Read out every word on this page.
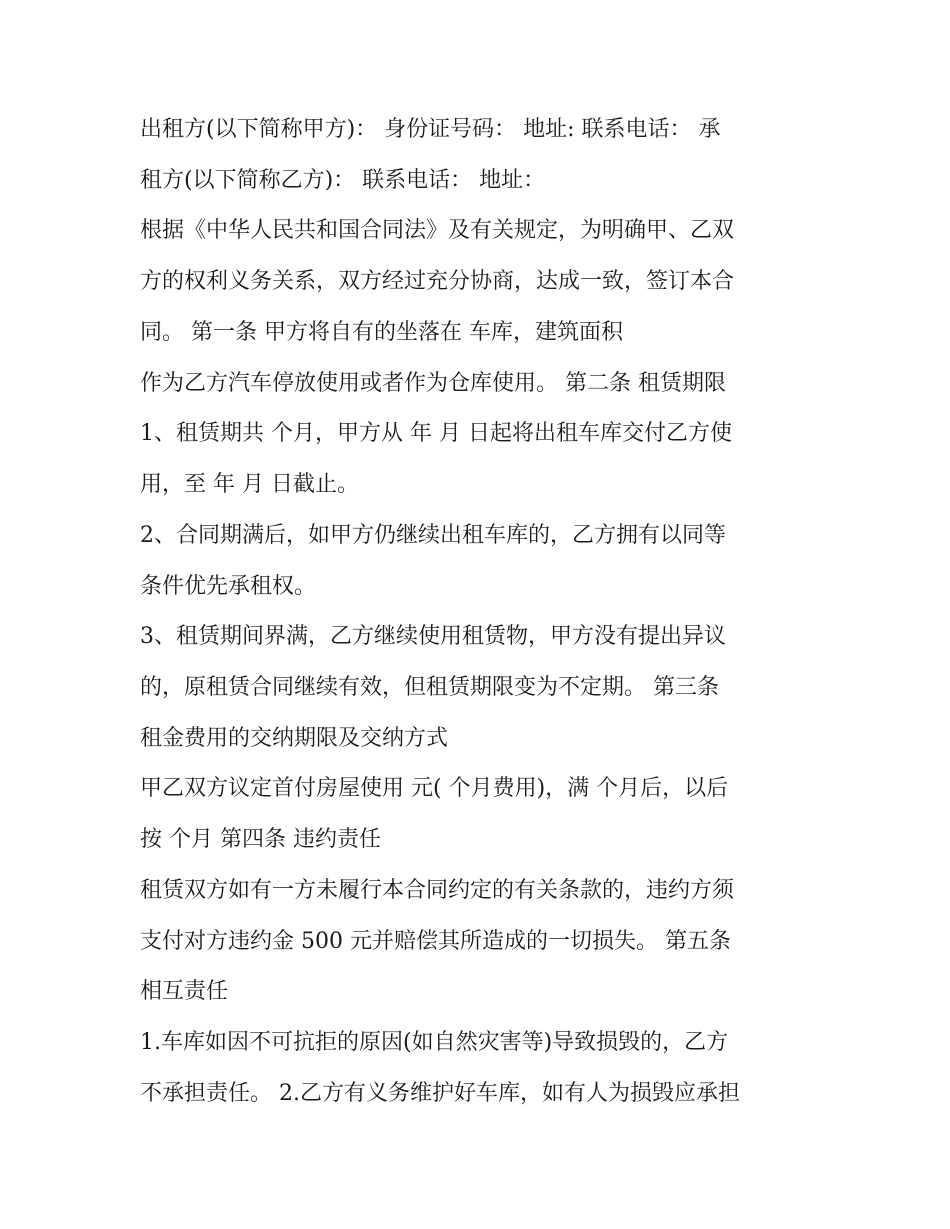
出租方(以下简称甲方)： 身份证号码： 地址: 联系电话： 承
租方(以下简称乙方)： 联系电话： 地址：
根据《中华人民共和国合同法》及有关规定，为明确甲、乙双
方的权利义务关系，双方经过充分协商，达成一致，签订本合
同。 第一条 甲方将自有的坐落在 车库，建筑面积
作为乙方汽车停放使用或者作为仓库使用。 第二条 租赁期限
1、租赁期共 个月，甲方从 年 月 日起将出租车库交付乙方使
用，至 年 月 日截止。
2、合同期满后，如甲方仍继续出租车库的，乙方拥有以同等
条件优先承租权。
3、租赁期间界满，乙方继续使用租赁物，甲方没有提出异议
的，原租赁合同继续有效，但租赁期限变为不定期。 第三条
租金费用的交纳期限及交纳方式
甲乙双方议定首付房屋使用 元( 个月费用)，满 个月后，以后
按 个月 第四条 违约责任
租赁双方如有一方未履行本合同约定的有关条款的，违约方须
支付对方违约金 500 元并赔偿其所造成的一切损失。 第五条
相互责任
1.车库如因不可抗拒的原因(如自然灾害等)导致损毁的，乙方
不承担责任。 2.乙方有义务维护好车库，如有人为损毁应承担
